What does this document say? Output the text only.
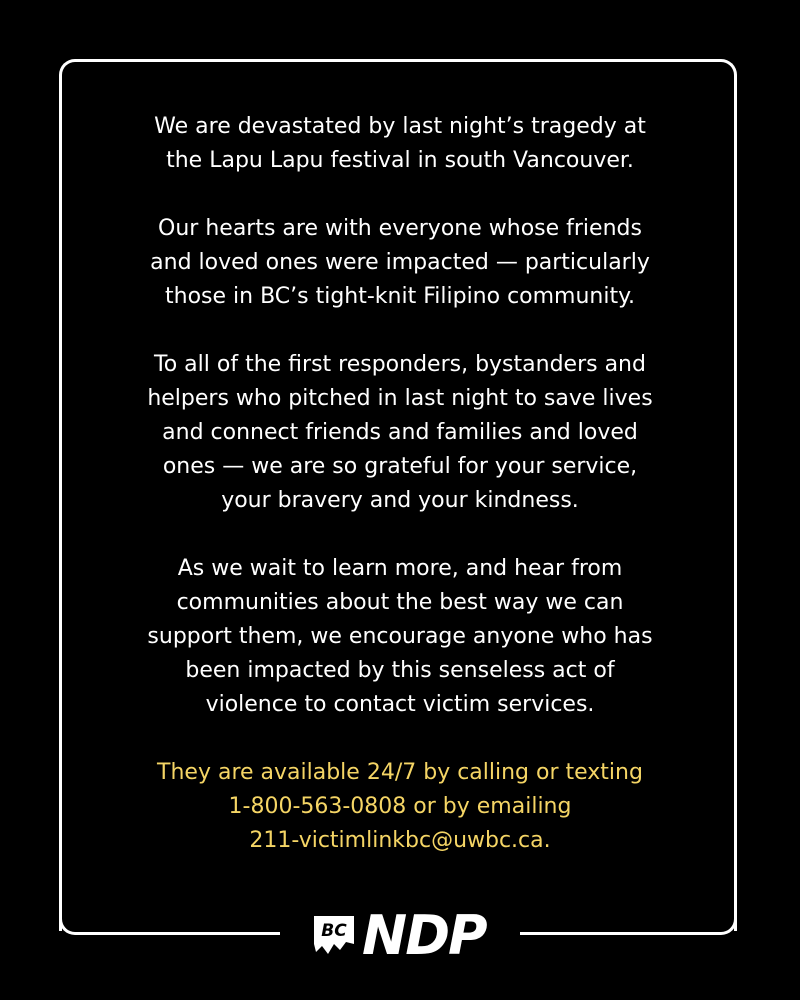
We are devastated by last night’s tragedy at
the Lapu Lapu festival in south Vancouver.

Our hearts are with everyone whose friends
and loved ones were impacted — particularly
those in BC’s tight-knit Filipino community.

To all of the first responders, bystanders and
helpers who pitched in last night to save lives
and connect friends and families and loved
ones — we are so grateful for your service,
your bravery and your kindness.

As we wait to learn more, and hear from
communities about the best way we can
support them, we encourage anyone who has
been impacted by this senseless act of
violence to contact victim services.

They are available 24/7 by calling or texting
1-800-563-0808 or by emailing
211-victimlinkbc@uwbc.ca.

BC NDP
